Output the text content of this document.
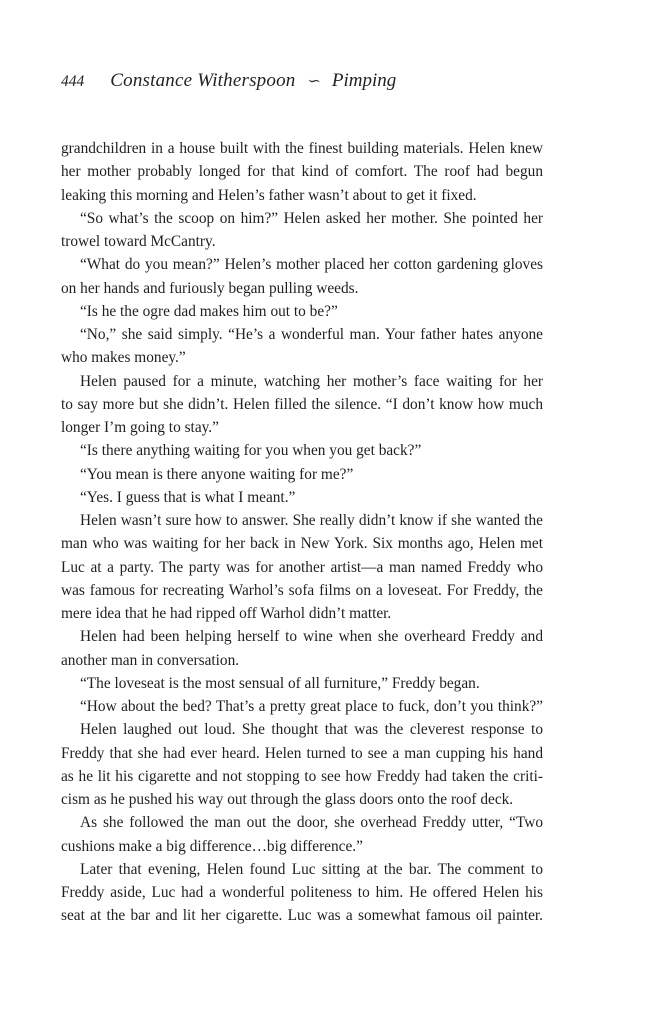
444 Constance Witherspoon ∽ Pimping
grandchildren in a house built with the finest building materials. Helen knew
her mother probably longed for that kind of comfort. The roof had begun
leaking this morning and Helen’s father wasn’t about to get it fixed.
“So what’s the scoop on him?” Helen asked her mother. She pointed her
trowel toward McCantry.
“What do you mean?” Helen’s mother placed her cotton gardening gloves
on her hands and furiously began pulling weeds.
“Is he the ogre dad makes him out to be?”
“No,” she said simply. “He’s a wonderful man. Your father hates anyone
who makes money.”
Helen paused for a minute, watching her mother’s face waiting for her
to say more but she didn’t. Helen filled the silence. “I don’t know how much
longer I’m going to stay.”
“Is there anything waiting for you when you get back?”
“You mean is there anyone waiting for me?”
“Yes. I guess that is what I meant.”
Helen wasn’t sure how to answer. She really didn’t know if she wanted the
man who was waiting for her back in New York. Six months ago, Helen met
Luc at a party. The party was for another artist—a man named Freddy who
was famous for recreating Warhol’s sofa films on a loveseat. For Freddy, the
mere idea that he had ripped off Warhol didn’t matter.
Helen had been helping herself to wine when she overheard Freddy and
another man in conversation.
“The loveseat is the most sensual of all furniture,” Freddy began.
“How about the bed? That’s a pretty great place to fuck, don’t you think?”
Helen laughed out loud. She thought that was the cleverest response to
Freddy that she had ever heard. Helen turned to see a man cupping his hand
as he lit his cigarette and not stopping to see how Freddy had taken the criti-
cism as he pushed his way out through the glass doors onto the roof deck.
As she followed the man out the door, she overhead Freddy utter, “Two
cushions make a big difference…big difference.”
Later that evening, Helen found Luc sitting at the bar. The comment to
Freddy aside, Luc had a wonderful politeness to him. He offered Helen his
seat at the bar and lit her cigarette. Luc was a somewhat famous oil painter.
